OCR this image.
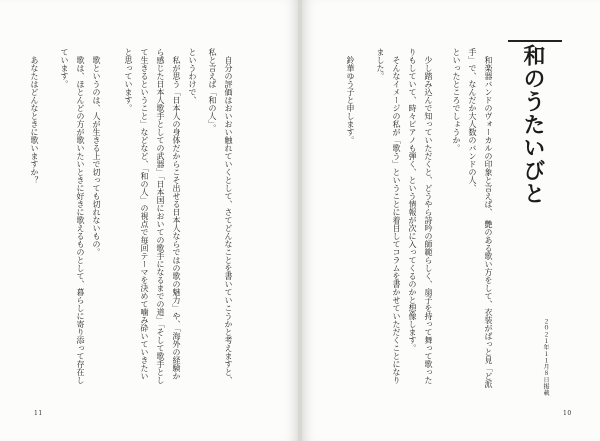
　自分の評価はおいおい触れていくとして、さてどんなことを書いていこうかと考えますと、
私と言えば「和の人」。
というわけで、
　私が思う「日本人の身体だからこそ出せる日本人ならではの歌の魅力」や、「海外の経験か
ら感じた日本人歌手としての武器」「日本国においての歌手になるまでの道」「そして歌手とし
て生きるということ」などなど、「和の人」の視点で毎回テーマを決めて噛み砕いていきたい
と思っています。
　歌というのは、人が生きる上で切っても切れないもの。
　歌は、ほとんどの方が歌いたいときに好きに歌えるものとして、暮らしに寄り添って存在し
ています。
　あなたはどんなときに歌いますか？
11
和のうたいびと
２０２１年１１月８日掲載
　和楽器バンドのヴォーカルの印象と言えば、　艶のある歌い方をして、衣装がばっと見「ど派
手」で、なんだか大人数のバンドの人、
といったところでしょうか。
　少し踏み込んで知っていただくと、どうやら詩吟の師範らしく、扇子を持って舞って歌った
りもしていて、時々ピアノも弾く、という情報が次に入ってくるのかと想像します。
　そんなイメージの私が「歌う」ということに着目してコラムを書かせていただくことになり
ました。
　鈴華ゆう子と申します。
10
